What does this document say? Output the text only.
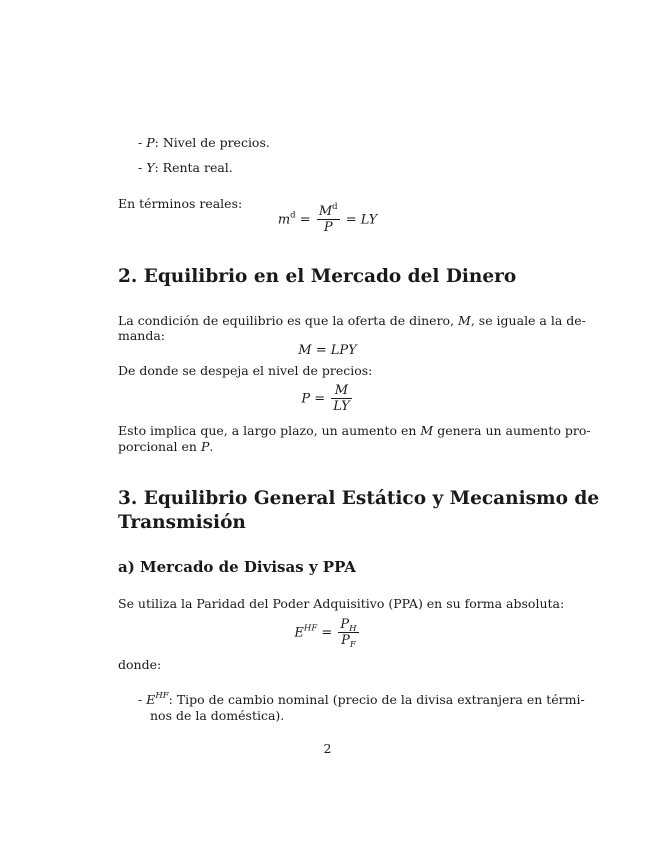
- P: Nivel de precios.
- Y: Renta real.
En términos reales:
$m^d = \frac{M^d}{P}$ = LY
2. Equilibrio en el Mercado del Dinero
La condición de equilibrio es que la oferta de dinero, M, se iguale a la de-
manda:
M = LPY
De donde se despeja el nivel de precios:
$P = \frac{M}{LY}$
Esto implica que, a largo plazo, un aumento en M genera un aumento pro-
porcional en P.
3. Equilibrio General Estático y Mecanismo de
Transmisión
a) Mercado de Divisas y PPA
Se utiliza la Paridad del Poder Adquisitivo (PPA) en su forma absoluta:
$E^{HF} = \frac{P_H}{P_F}$
donde:
- $E^{HF}$: Tipo de cambio nominal (precio de la divisa extranjera en térmi-
nos de la doméstica).
2
